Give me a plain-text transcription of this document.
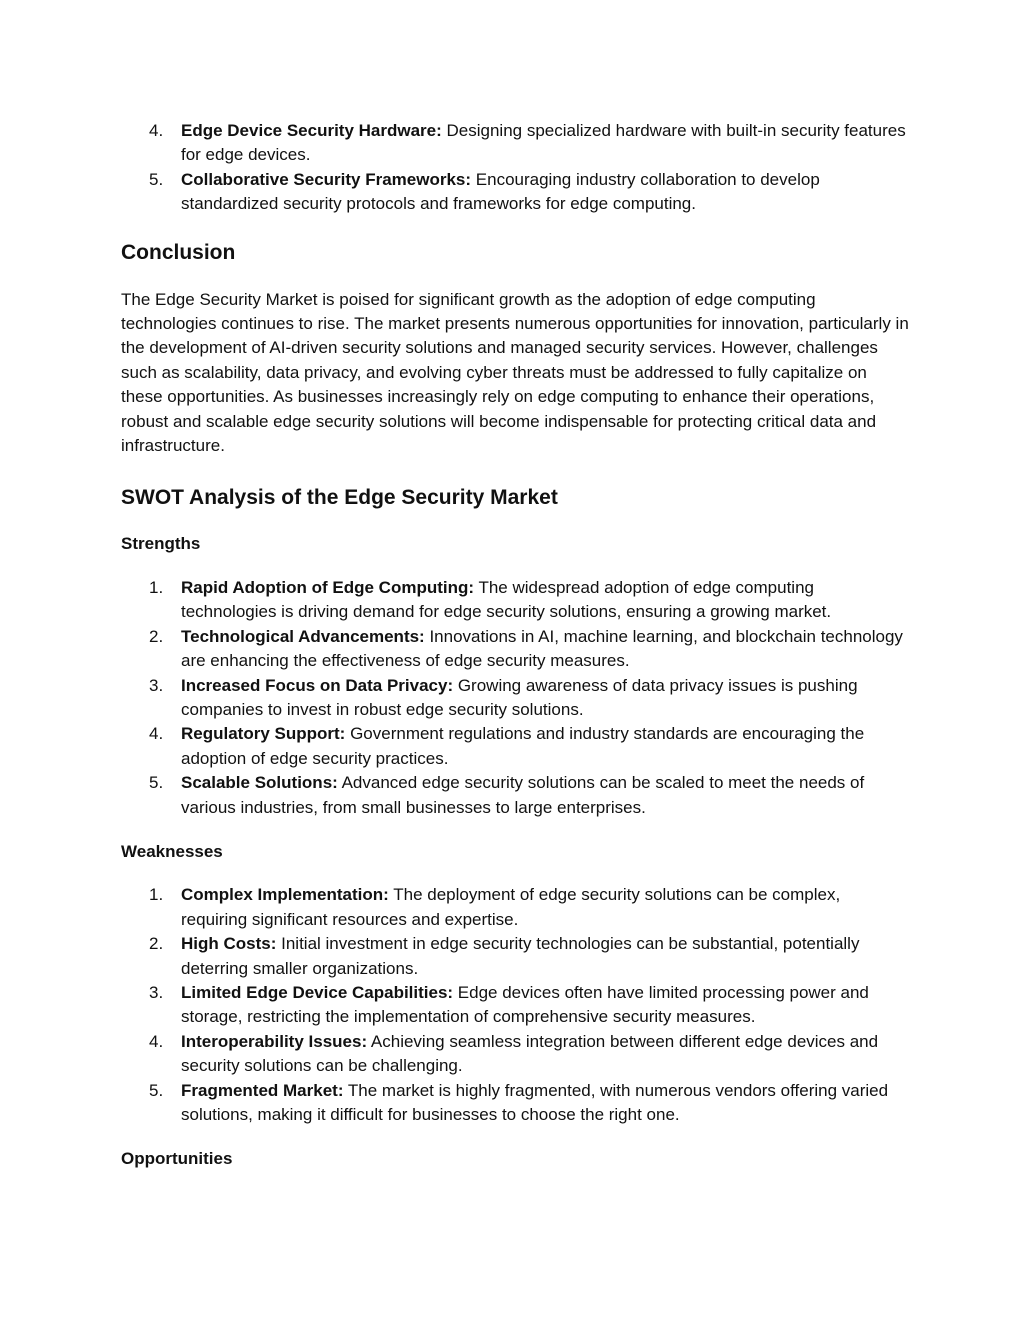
4. Edge Device Security Hardware: Designing specialized hardware with built-in security features for edge devices.
5. Collaborative Security Frameworks: Encouraging industry collaboration to develop standardized security protocols and frameworks for edge computing.
Conclusion

The Edge Security Market is poised for significant growth as the adoption of edge computing technologies continues to rise. The market presents numerous opportunities for innovation, particularly in the development of AI-driven security solutions and managed security services. However, challenges such as scalability, data privacy, and evolving cyber threats must be addressed to fully capitalize on these opportunities. As businesses increasingly rely on edge computing to enhance their operations, robust and scalable edge security solutions will become indispensable for protecting critical data and infrastructure.

SWOT Analysis of the Edge Security Market
Strengths
1. Rapid Adoption of Edge Computing: The widespread adoption of edge computing technologies is driving demand for edge security solutions, ensuring a growing market.
2. Technological Advancements: Innovations in AI, machine learning, and blockchain technology are enhancing the effectiveness of edge security measures.
3. Increased Focus on Data Privacy: Growing awareness of data privacy issues is pushing companies to invest in robust edge security solutions.
4. Regulatory Support: Government regulations and industry standards are encouraging the adoption of edge security practices.
5. Scalable Solutions: Advanced edge security solutions can be scaled to meet the needs of various industries, from small businesses to large enterprises.
Weaknesses
1. Complex Implementation: The deployment of edge security solutions can be complex, requiring significant resources and expertise.
2. High Costs: Initial investment in edge security technologies can be substantial, potentially deterring smaller organizations.
3. Limited Edge Device Capabilities: Edge devices often have limited processing power and storage, restricting the implementation of comprehensive security measures.
4. Interoperability Issues: Achieving seamless integration between different edge devices and security solutions can be challenging.
5. Fragmented Market: The market is highly fragmented, with numerous vendors offering varied solutions, making it difficult for businesses to choose the right one.
Opportunities
